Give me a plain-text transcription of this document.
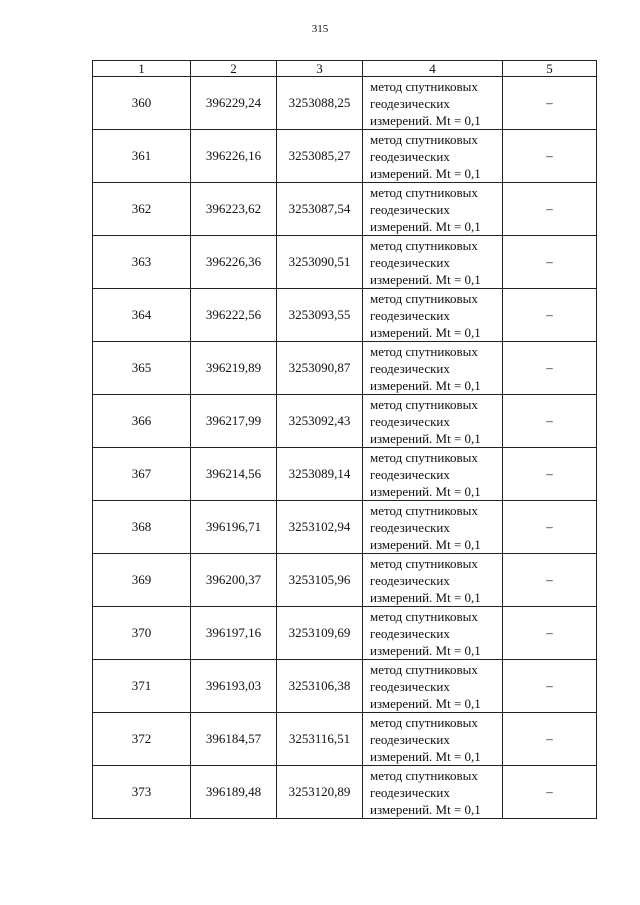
315
1	2	3	4	5
360	396229,24	3253088,25	метод спутниковых
геодезических
измерений. Mt = 0,1	–
361	396226,16	3253085,27	метод спутниковых
геодезических
измерений. Mt = 0,1	–
362	396223,62	3253087,54	метод спутниковых
геодезических
измерений. Mt = 0,1	–
363	396226,36	3253090,51	метод спутниковых
геодезических
измерений. Mt = 0,1	–
364	396222,56	3253093,55	метод спутниковых
геодезических
измерений. Mt = 0,1	–
365	396219,89	3253090,87	метод спутниковых
геодезических
измерений. Mt = 0,1	–
366	396217,99	3253092,43	метод спутниковых
геодезических
измерений. Mt = 0,1	–
367	396214,56	3253089,14	метод спутниковых
геодезических
измерений. Mt = 0,1	–
368	396196,71	3253102,94	метод спутниковых
геодезических
измерений. Mt = 0,1	–
369	396200,37	3253105,96	метод спутниковых
геодезических
измерений. Mt = 0,1	–
370	396197,16	3253109,69	метод спутниковых
геодезических
измерений. Mt = 0,1	–
371	396193,03	3253106,38	метод спутниковых
геодезических
измерений. Mt = 0,1	–
372	396184,57	3253116,51	метод спутниковых
геодезических
измерений. Mt = 0,1	–
373	396189,48	3253120,89	метод спутниковых
геодезических
измерений. Mt = 0,1	–
